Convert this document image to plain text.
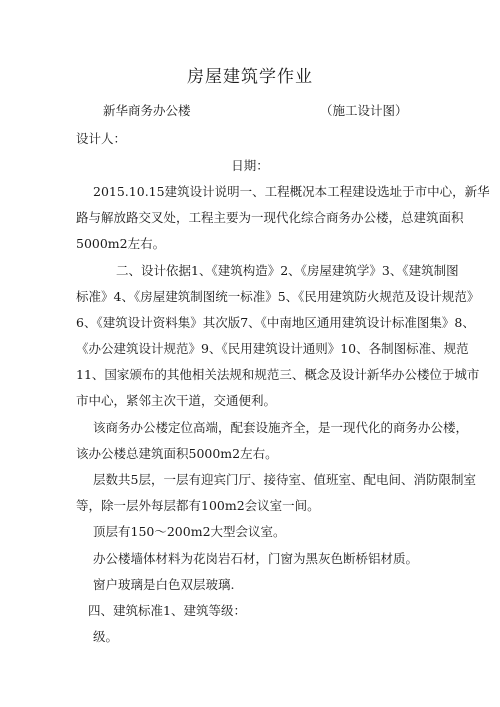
房屋建筑学作业
新华商务办公楼	（施工设计图）
设计人：
日期：
2015.10.15建筑设计说明一、工程概况本工程建设选址于市中心，新华
路与解放路交叉处，工程主要为一现代化综合商务办公楼，总建筑面积
5000m2左右。
二、设计依据1、《建筑构造》2、《房屋建筑学》3、《建筑制图
标准》4、《房屋建筑制图统一标准》5、《民用建筑防火规范及设计规范》
6、《建筑设计资料集》其次版7、《中南地区通用建筑设计标准图集》8、
《办公建筑设计规范》9、《民用建筑设计通则》10、各制图标准、规范
11、国家颁布的其他相关法规和规范三、概念及设计新华办公楼位于城市
市中心，紧邻主次干道，交通便利。
该商务办公楼定位高端，配套设施齐全，是一现代化的商务办公楼，
该办公楼总建筑面积5000m2左右。
层数共5层，一层有迎宾门厅、接待室、值班室、配电间、消防限制室
等，除一层外每层都有100m2会议室一间。
顶层有150～200m2大型会议室。
办公楼墙体材料为花岗岩石材，门窗为黑灰色断桥铝材质。
窗户玻璃是白色双层玻璃.
四、建筑标准1、建筑等级：
级。
